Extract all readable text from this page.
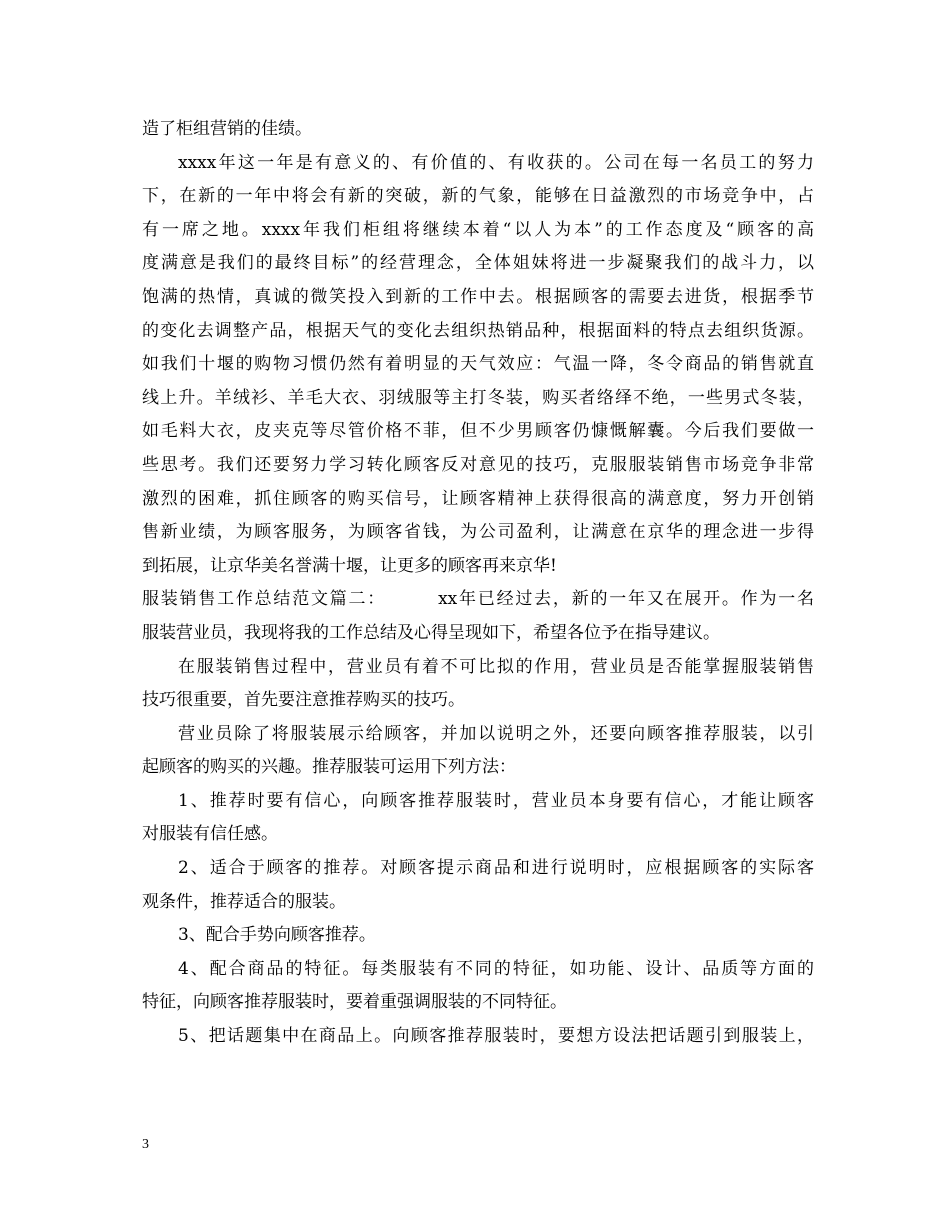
造了柜组营销的佳绩。
xxxx年这一年是有意义的、有价值的、有收获的。公司在每一名员工的努力
下，在新的一年中将会有新的突破，新的气象，能够在日益激烈的市场竞争中，占
有一席之地。xxxx年我们柜组将继续本着“以人为本”的工作态度及“顾客的高
度满意是我们的最终目标”的经营理念，全体姐妹将进一步凝聚我们的战斗力，以
饱满的热情，真诚的微笑投入到新的工作中去。根据顾客的需要去进货，根据季节
的变化去调整产品，根据天气的变化去组织热销品种，根据面料的特点去组织货源。
如我们十堰的购物习惯仍然有着明显的天气效应：气温一降，冬令商品的销售就直
线上升。羊绒衫、羊毛大衣、羽绒服等主打冬装，购买者络绎不绝，一些男式冬装，
如毛料大衣，皮夹克等尽管价格不菲，但不少男顾客仍慷慨解囊。今后我们要做一
些思考。我们还要努力学习转化顾客反对意见的技巧，克服服装销售市场竞争非常
激烈的困难，抓住顾客的购买信号，让顾客精神上获得很高的满意度，努力开创销
售新业绩，为顾客服务，为顾客省钱，为公司盈利，让满意在京华的理念进一步得
到拓展，让京华美名誉满十堰，让更多的顾客再来京华!
服装销售工作总结范文篇二：	xx年已经过去，新的一年又在展开。作为一名
服装营业员，我现将我的工作总结及心得呈现如下，希望各位予在指导建议。
在服装销售过程中，营业员有着不可比拟的作用，营业员是否能掌握服装销售
技巧很重要，首先要注意推荐购买的技巧。
营业员除了将服装展示给顾客，并加以说明之外，还要向顾客推荐服装，以引
起顾客的购买的兴趣。推荐服装可运用下列方法：
1、推荐时要有信心，向顾客推荐服装时，营业员本身要有信心，才能让顾客
对服装有信任感。
2、适合于顾客的推荐。对顾客提示商品和进行说明时，应根据顾客的实际客
观条件，推荐适合的服装。
3、配合手势向顾客推荐。
4、配合商品的特征。每类服装有不同的特征，如功能、设计、品质等方面的
特征，向顾客推荐服装时，要着重强调服装的不同特征。
5、把话题集中在商品上。向顾客推荐服装时，要想方设法把话题引到服装上，
3
